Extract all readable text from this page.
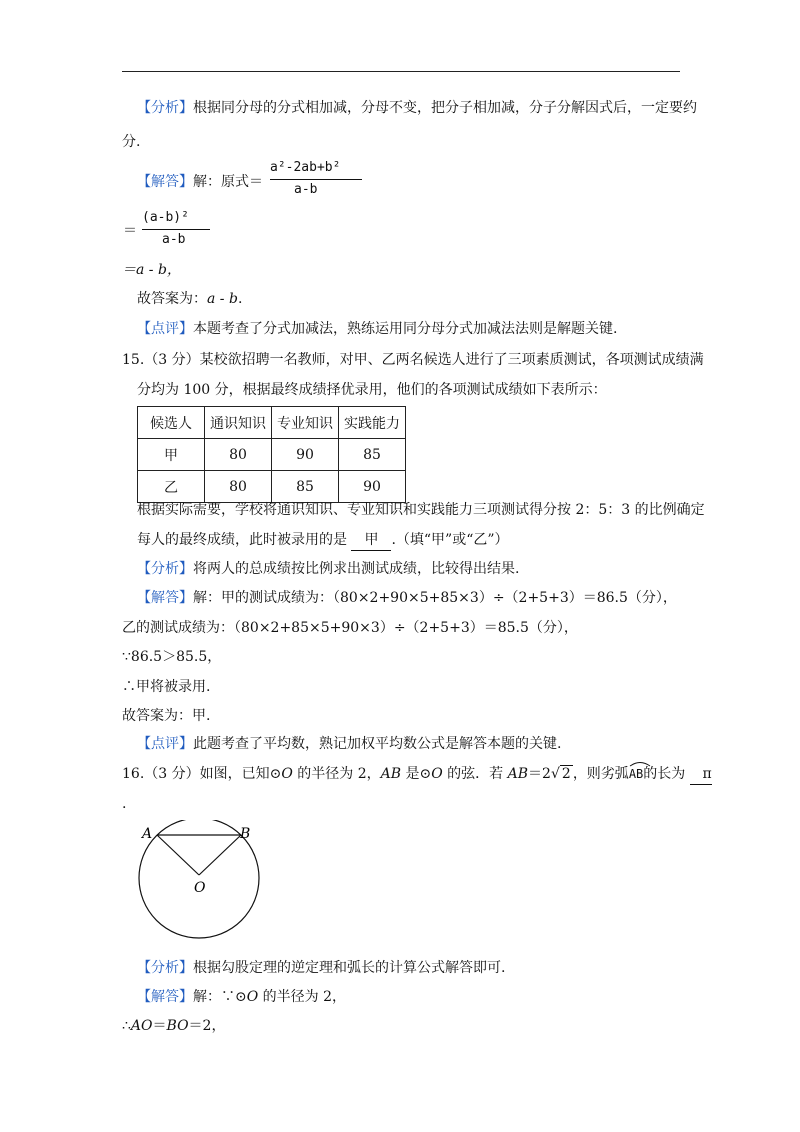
【分析】根据同分母的分式相加减，分母不变，把分子相加减，分子分解因式后，一定要约
分.
【解答】解：原式＝
a²-2ab+b²
a-b
＝
(a-b)²
a-b
＝a - b，
故答案为：a - b.
【点评】本题考查了分式加减法，熟练运用同分母分式加减法法则是解题关键.
15.（3 分）某校欲招聘一名教师，对甲、乙两名候选人进行了三项素质测试，各项测试成绩满
分均为 100 分，根据最终成绩择优录用，他们的各项测试成绩如下表所示：
候选人	通识知识	专业知识	实践能力
甲	80	90	85
乙	80	85	90
根据实际需要，学校将通识知识、专业知识和实践能力三项测试得分按 2：5：3 的比例确定
每人的最终成绩，此时被录用的是 甲 .（填“甲”或“乙”）
【分析】将两人的总成绩按比例求出测试成绩，比较得出结果.
【解答】解：甲的测试成绩为：（80×2+90×5+85×3）÷（2+5+3）＝86.5（分），
乙的测试成绩为：（80×2+85×5+90×3）÷（2+5+3）＝85.5（分），
∵86.5＞85.5，
∴甲将被录用.
故答案为：甲.
【点评】此题考查了平均数，熟记加权平均数公式是解答本题的关键.
16.（3 分）如图，已知⊙O 的半径为 2，AB 是⊙O 的弦．若 AB＝2√ 2 ，则劣弧
AB的长为 π
.
A	B
O
【分析】根据勾股定理的逆定理和弧长的计算公式解答即可.
【解答】解：∵⊙O 的半径为 2，
∴AO＝BO＝2，
